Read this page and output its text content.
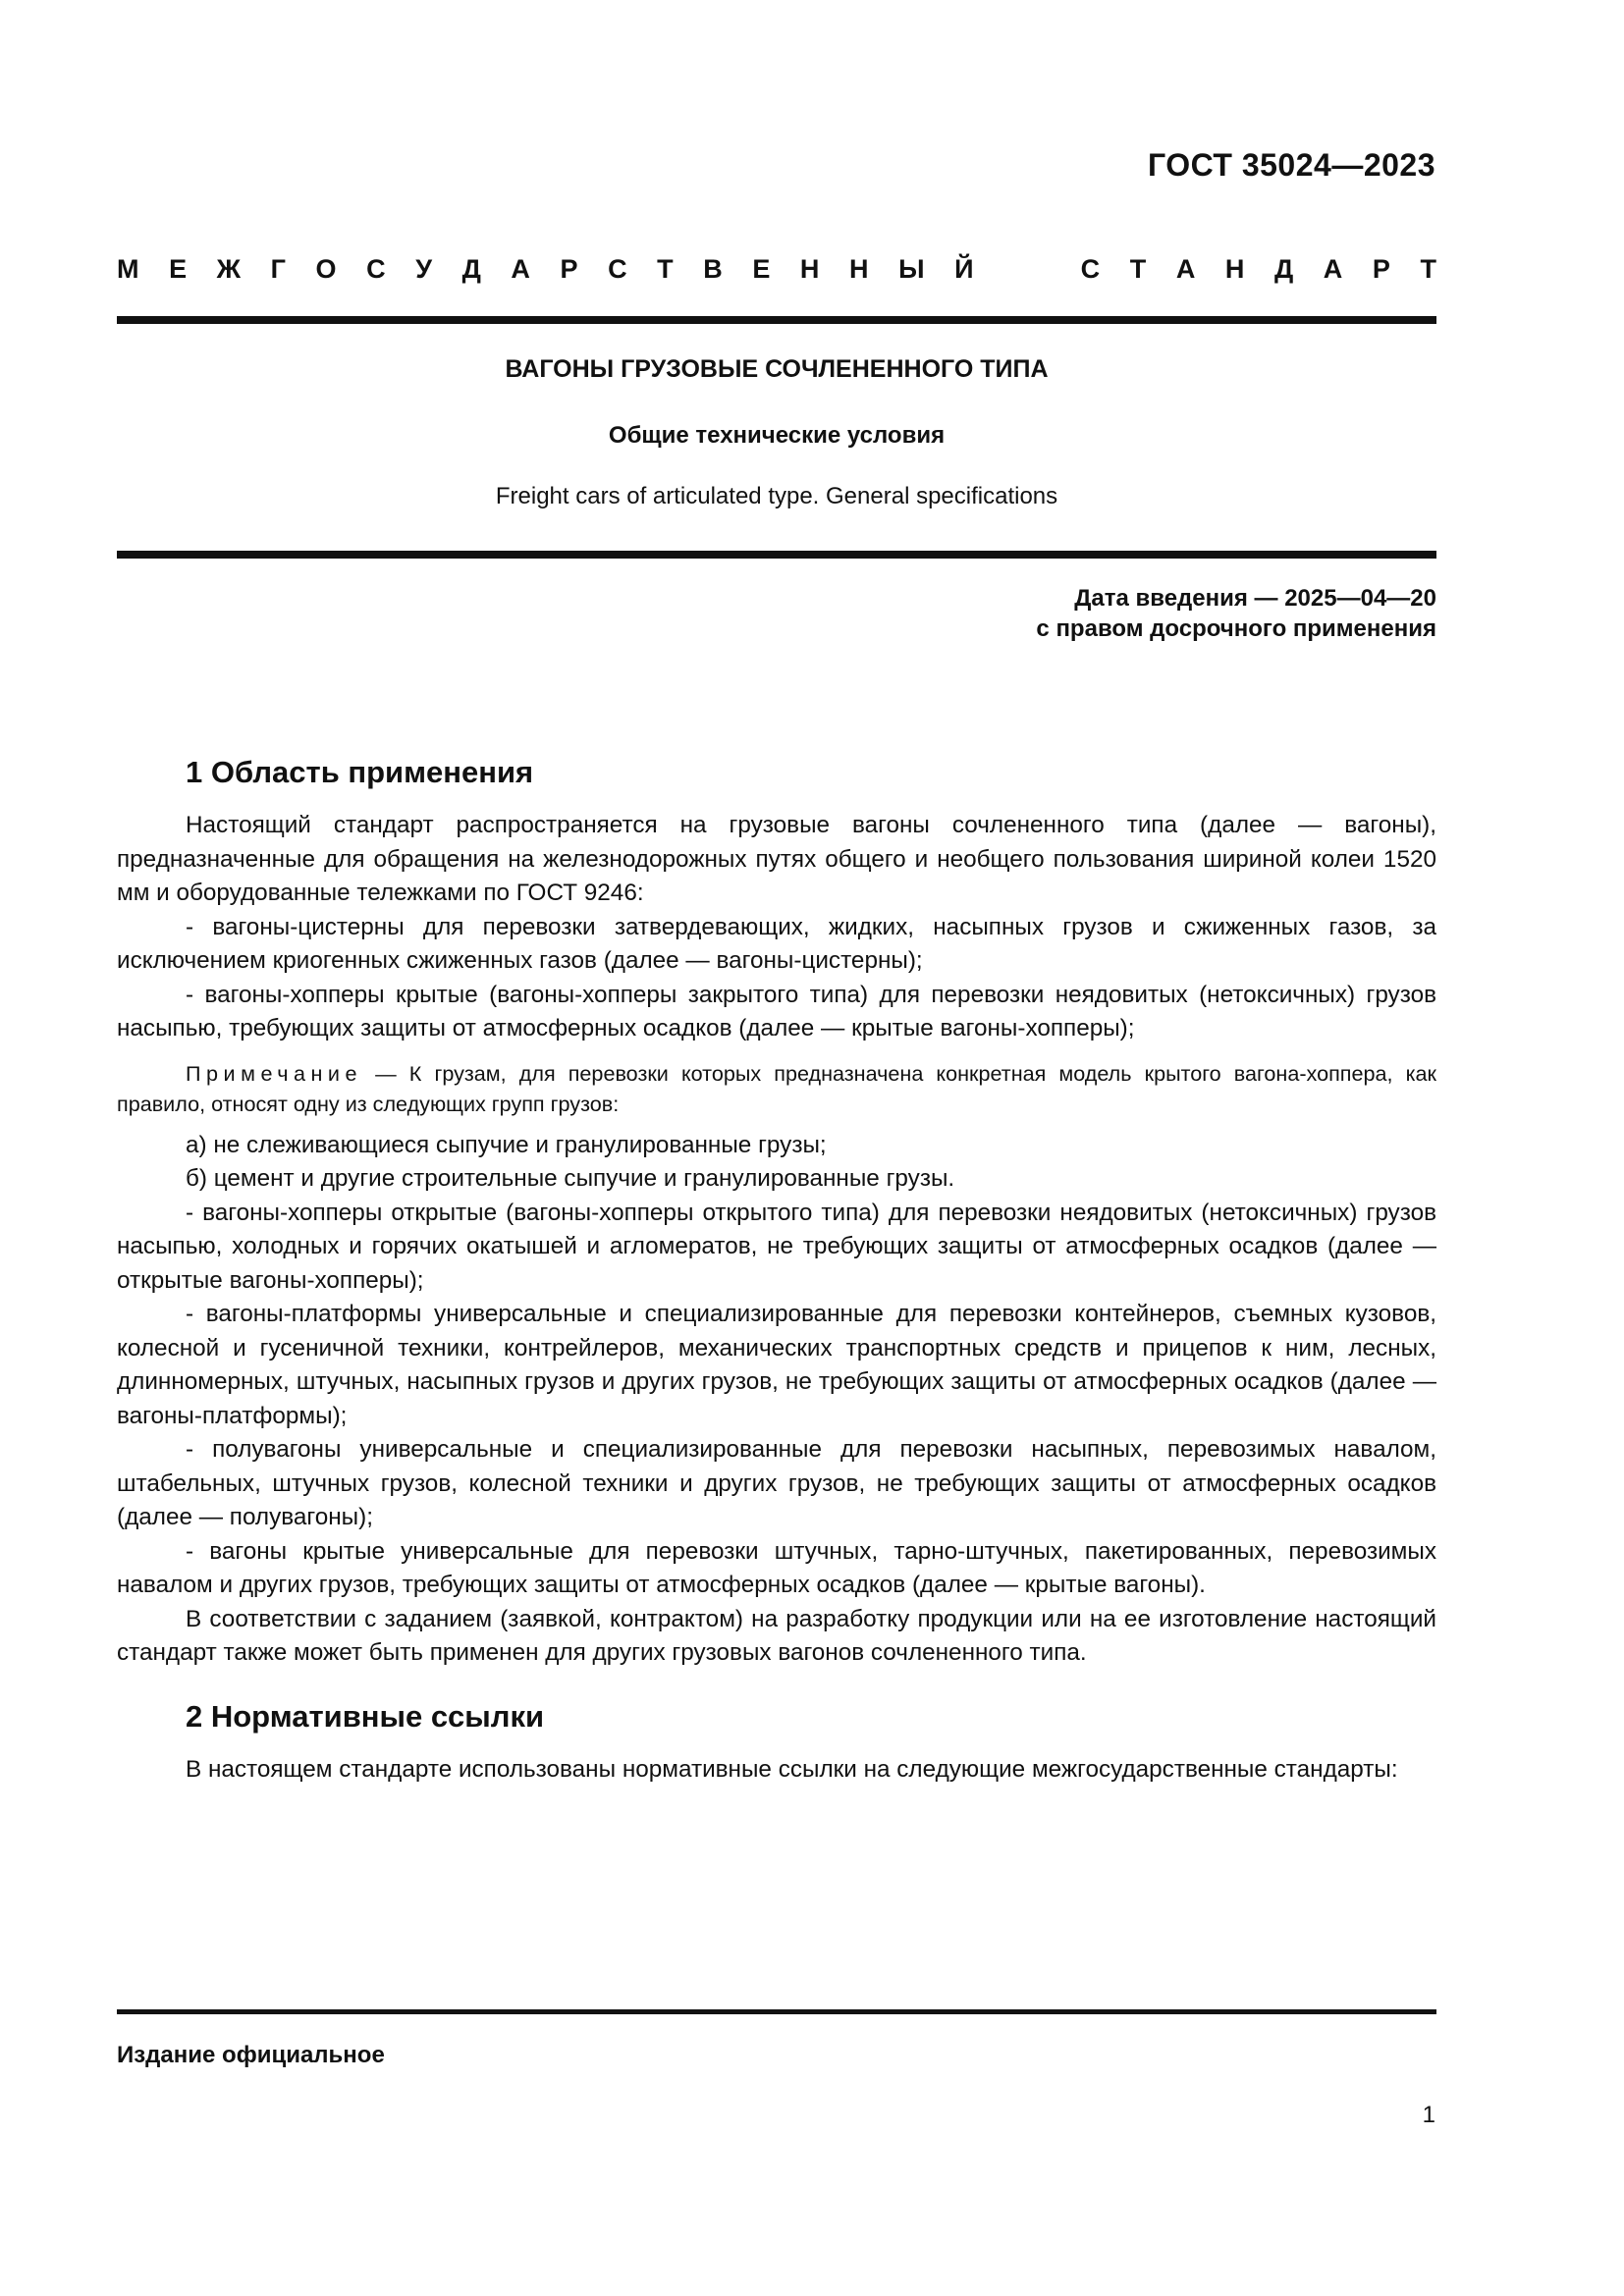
ГОСТ 35024—2023

М Е Ж Г О С У Д А Р С Т В Е Н Н Ы Й	С Т А Н Д А Р Т

ВАГОНЫ ГРУЗОВЫЕ СОЧЛЕНЕННОГО ТИПА

Общие технические условия

Freight cars of articulated type. General specifications

Дата введения — 2025—04—20
с правом досрочного применения

1 Область применения

Настоящий стандарт распространяется на грузовые вагоны сочлененного типа (далее — вагоны), предназначенные для обращения на железнодорожных путях общего и необщего пользования шириной колеи 1520 мм и оборудованные тележками по ГОСТ 9246:

- вагоны-цистерны для перевозки затвердевающих, жидких, насыпных грузов и сжиженных газов, за исключением криогенных сжиженных газов (далее — вагоны-цистерны);

- вагоны-хопперы крытые (вагоны-хопперы закрытого типа) для перевозки неядовитых (нетоксичных) грузов насыпью, требующих защиты от атмосферных осадков (далее — крытые вагоны-хопперы);

Примечание — К грузам, для перевозки которых предназначена конкретная модель крытого вагона-хоппера, как правило, относят одну из следующих групп грузов:

а) не слеживающиеся сыпучие и гранулированные грузы;

б) цемент и другие строительные сыпучие и гранулированные грузы.

- вагоны-хопперы открытые (вагоны-хопперы открытого типа) для перевозки неядовитых (нетоксичных) грузов насыпью, холодных и горячих окатышей и агломератов, не требующих защиты от атмосферных осадков (далее — открытые вагоны-хопперы);

- вагоны-платформы универсальные и специализированные для перевозки контейнеров, съемных кузовов, колесной и гусеничной техники, контрейлеров, механических транспортных средств и прицепов к ним, лесных, длинномерных, штучных, насыпных грузов и других грузов, не требующих защиты от атмосферных осадков (далее — вагоны-платформы);

- полувагоны универсальные и специализированные для перевозки насыпных, перевозимых навалом, штабельных, штучных грузов, колесной техники и других грузов, не требующих защиты от атмосферных осадков (далее — полувагоны);

- вагоны крытые универсальные для перевозки штучных, тарно-штучных, пакетированных, перевозимых навалом и других грузов, требующих защиты от атмосферных осадков (далее — крытые вагоны).

В соответствии с заданием (заявкой, контрактом) на разработку продукции или на ее изготовление настоящий стандарт также может быть применен для других грузовых вагонов сочлененного типа.

2 Нормативные ссылки

В настоящем стандарте использованы нормативные ссылки на следующие межгосударственные стандарты:

Издание официальное

1
